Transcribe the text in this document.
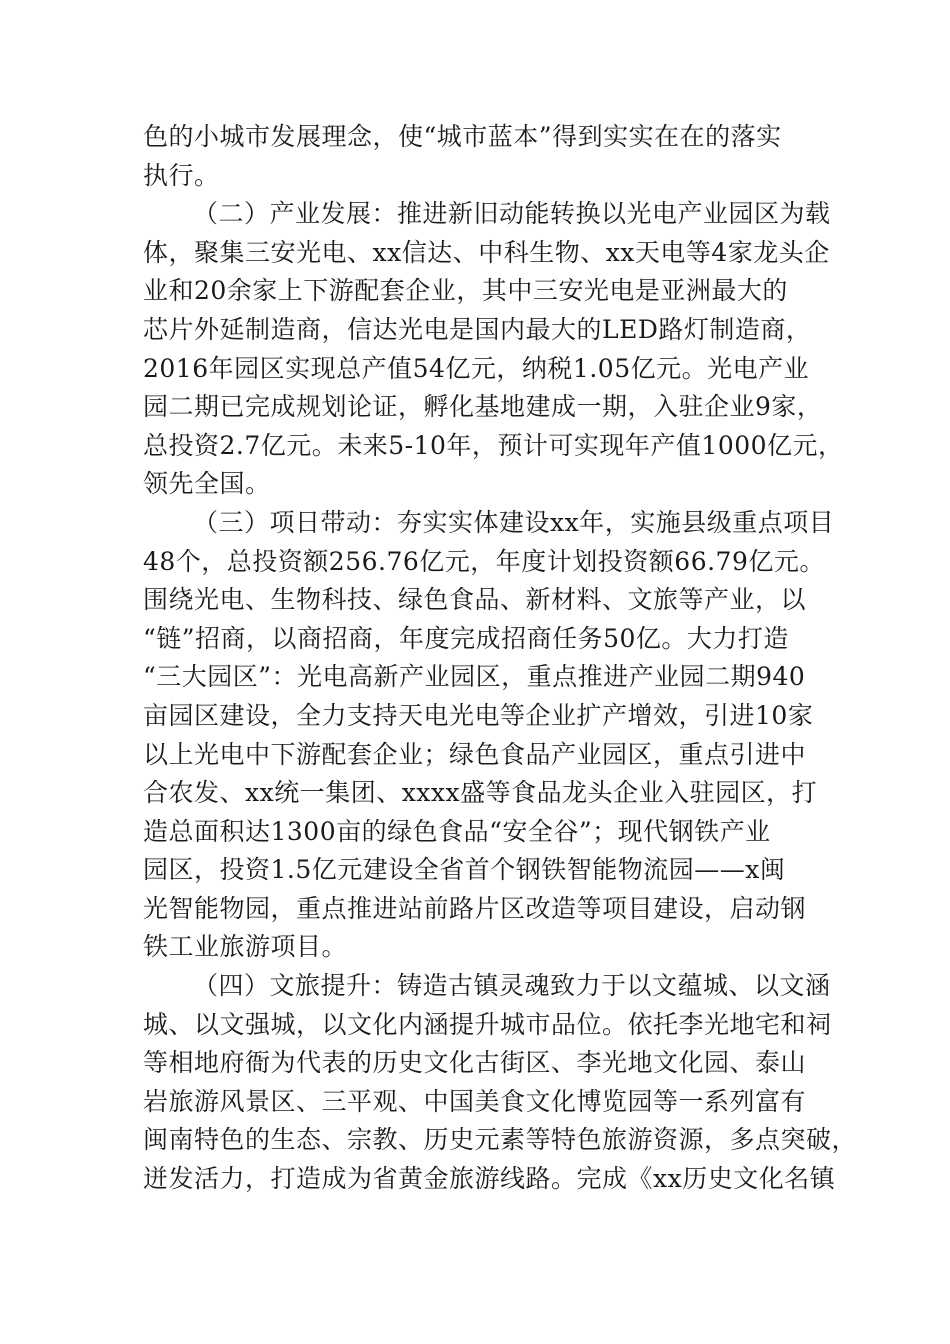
色的小城市发展理念，使“城市蓝本”得到实实在在的落实
执行。
（二）产业发展：推进新旧动能转换以光电产业园区为载
体，聚集三安光电、xx信达、中科生物、xx天电等4家龙头企
业和20余家上下游配套企业，其中三安光电是亚洲最大的
芯片外延制造商，信达光电是国内最大的LED路灯制造商，
2016年园区实现总产值54亿元，纳税1.05亿元。光电产业
园二期已完成规划论证，孵化基地建成一期，入驻企业9家，
总投资2.7亿元。未来5-10年，预计可实现年产值1000亿元，
领先全国。
（三）项日带动：夯实实体建设xx年，实施县级重点项目
48个，总投资额256.76亿元，年度计划投资额66.79亿元。
围绕光电、生物科技、绿色食品、新材料、文旅等产业，以
“链”招商，以商招商，年度完成招商任务50亿。大力打造
“三大园区”：光电高新产业园区，重点推进产业园二期940
亩园区建设，全力支持天电光电等企业扩产增效，引进10家
以上光电中下游配套企业；绿色食品产业园区，重点引进中
合农发、xx统一集团、xxxx盛等食品龙头企业入驻园区，打
造总面积达1300亩的绿色食品“安全谷”；现代钢铁产业
园区，投资1.5亿元建设全省首个钢铁智能物流园——x闽
光智能物园，重点推进站前路片区改造等项目建设，启动钢
铁工业旅游项目。
（四）文旅提升：铸造古镇灵魂致力于以文蕴城、以文涵
城、以文强城，以文化内涵提升城市品位。依托李光地宅和祠
等相地府衙为代表的历史文化古街区、李光地文化园、泰山
岩旅游风景区、三平观、中国美食文化博览园等一系列富有
闽南特色的生态、宗教、历史元素等特色旅游资源，多点突破，
迸发活力，打造成为省黄金旅游线路。完成《xx历史文化名镇
